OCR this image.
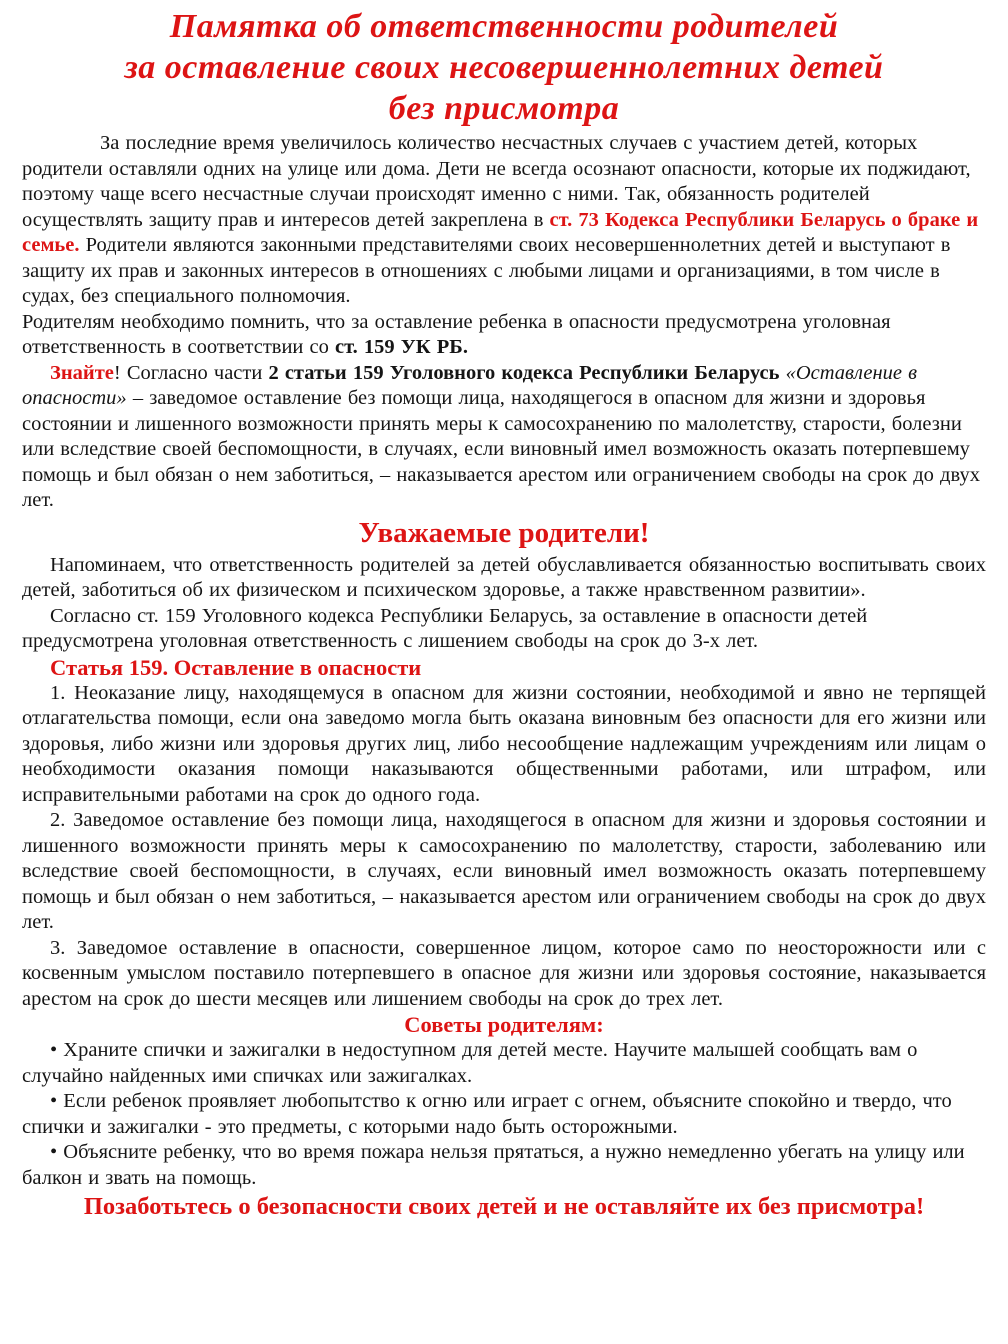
Памятка об ответственности родителей
за оставление своих несовершеннолетних детей
без присмотра

За последние время увеличилось количество несчастных случаев с участием детей, которых родители оставляли одних на улице или дома. Дети не всегда осознают опасности, которые их поджидают, поэтому чаще всего несчастные случаи происходят именно с ними. Так, обязанность родителей осуществлять защиту прав и интересов детей закреплена в ст. 73 Кодекса Республики Беларусь о браке и семье. Родители являются законными представителями своих несовершеннолетних детей и выступают в защиту их прав и законных интересов в отношениях с любыми лицами и организациями, в том числе в судах, без специального полномочия.

Родителям необходимо помнить, что за оставление ребенка в опасности предусмотрена уголовная ответственность в соответствии со ст. 159 УК РБ.

Знайте! Согласно части 2 статьи 159 Уголовного кодекса Республики Беларусь «Оставление в опасности» – заведомое оставление без помощи лица, находящегося в опасном для жизни и здоровья состоянии и лишенного возможности принять меры к самосохранению по малолетству, старости, болезни или вследствие своей беспомощности, в случаях, если виновный имел возможность оказать потерпевшему помощь и был обязан о нем заботиться, – наказывается арестом или ограничением свободы на срок до двух лет.

Уважаемые родители!

Напоминаем, что ответственность родителей за детей обуславливается обязанностью воспитывать своих детей, заботиться об их физическом и психическом здоровье, а также нравственном развитии».

Согласно ст. 159 Уголовного кодекса Республики Беларусь, за оставление в опасности детей предусмотрена уголовная ответственность с лишением свободы на срок до 3-х лет.

Статья 159. Оставление в опасности

1. Неоказание лицу, находящемуся в опасном для жизни состоянии, необходимой и явно не терпящей отлагательства помощи, если она заведомо могла быть оказана виновным без опасности для его жизни или здоровья, либо жизни или здоровья других лиц, либо несообщение надлежащим учреждениям или лицам о необходимости оказания помощи наказываются общественными работами, или штрафом, или исправительными работами на срок до одного года.

2. Заведомое оставление без помощи лица, находящегося в опасном для жизни и здоровья состоянии и лишенного возможности принять меры к самосохранению по малолетству, старости, заболеванию или вследствие своей беспомощности, в случаях, если виновный имел возможность оказать потерпевшему помощь и был обязан о нем заботиться, – наказывается арестом или ограничением свободы на срок до двух лет.

3. Заведомое оставление в опасности, совершенное лицом, которое само по неосторожности или с косвенным умыслом поставило потерпевшего в опасное для жизни или здоровья состояние, наказывается арестом на срок до шести месяцев или лишением свободы на срок до трех лет.

Советы родителям:

• Храните спички и зажигалки в недоступном для детей месте. Научите малышей сообщать вам о случайно найденных ими спичках или зажигалках.

• Если ребенок проявляет любопытство к огню или играет с огнем, объясните спокойно и твердо, что спички и зажигалки - это предметы, с которыми надо быть осторожными.

• Объясните ребенку, что во время пожара нельзя прятаться, а нужно немедленно убегать на улицу или балкон и звать на помощь.

Позаботьтесь о безопасности своих детей и не оставляйте их без присмотра!
